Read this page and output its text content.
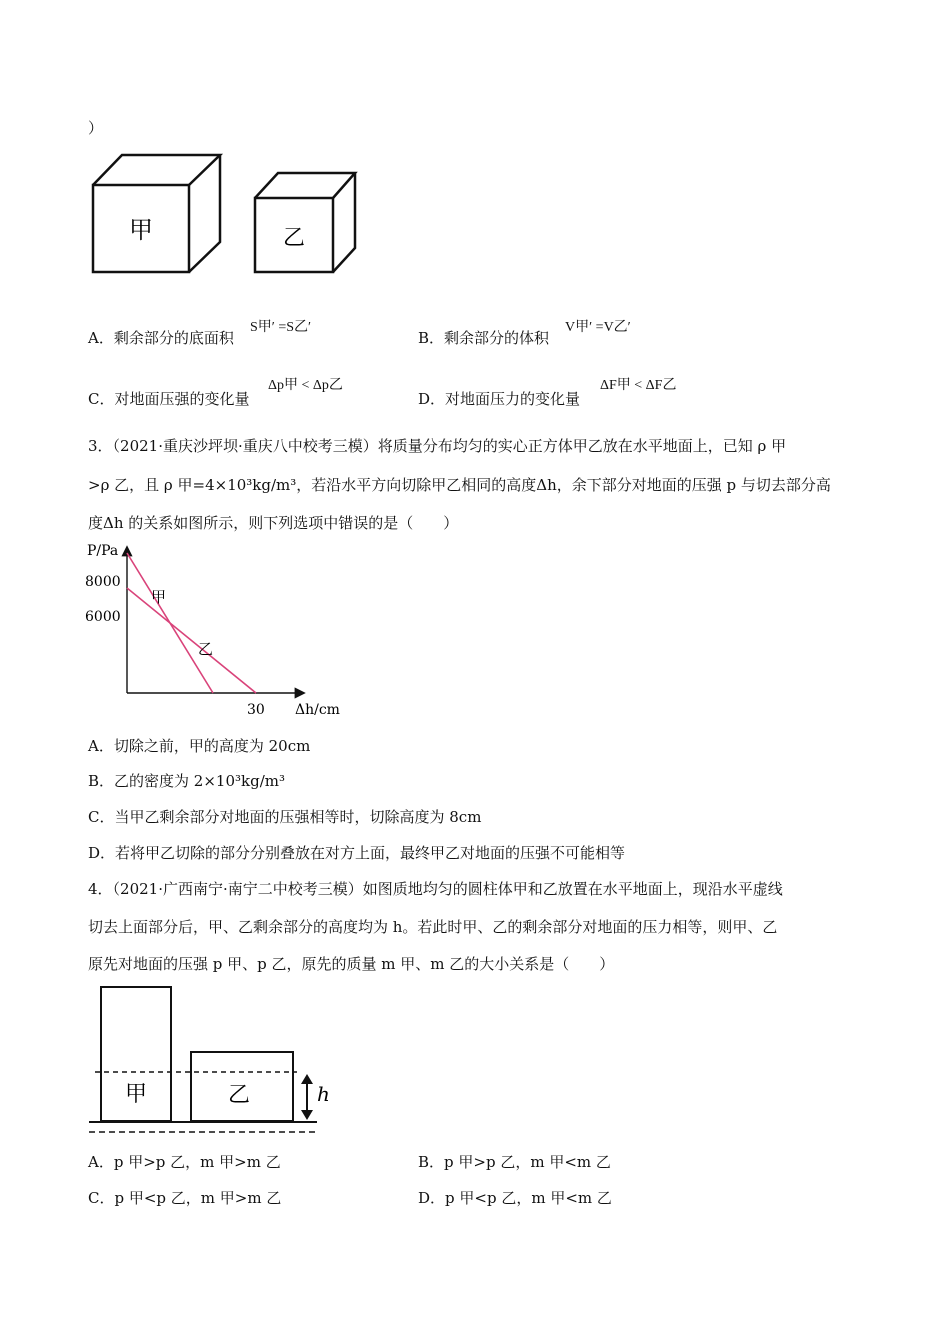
）
甲	乙
A．剩余部分的底面积
S甲′ =S乙′
B．剩余部分的体积
V甲′ =V乙′
C．对地面压强的变化量
Δp甲 < Δp乙
D．对地面压力的变化量
ΔF甲 < ΔF乙
3．（2021·重庆沙坪坝·重庆八中校考三模）将质量分布均匀的实心正方体甲乙放在水平地面上，已知 ρ 甲
>ρ 乙，且 ρ 甲=4×10³kg/m³，若沿水平方向切除甲乙相同的高度Δh，余下部分对地面的压强 p 与切去部分高
度Δh 的关系如图所示，则下列选项中错误的是（　　）
P/Pa
Δh/cm
8000
6000
30
甲
乙
A．切除之前，甲的高度为 20cm
B．乙的密度为 2×10³kg/m³
C．当甲乙剩余部分对地面的压强相等时，切除高度为 8cm
D．若将甲乙切除的部分分别叠放在对方上面，最终甲乙对地面的压强不可能相等
4．（2021·广西南宁·南宁二中校考三模）如图质地均匀的圆柱体甲和乙放置在水平地面上，现沿水平虚线
切去上面部分后，甲、乙剩余部分的高度均为 h。若此时甲、乙的剩余部分对地面的压力相等，则甲、乙
原先对地面的压强 p 甲、p 乙，原先的质量 m 甲、m 乙的大小关系是（　　）
甲	乙	h
A．p 甲>p 乙，m 甲>m 乙	B．p 甲>p 乙，m 甲<m 乙
C．p 甲<p 乙，m 甲>m 乙	D．p 甲<p 乙，m 甲<m 乙
